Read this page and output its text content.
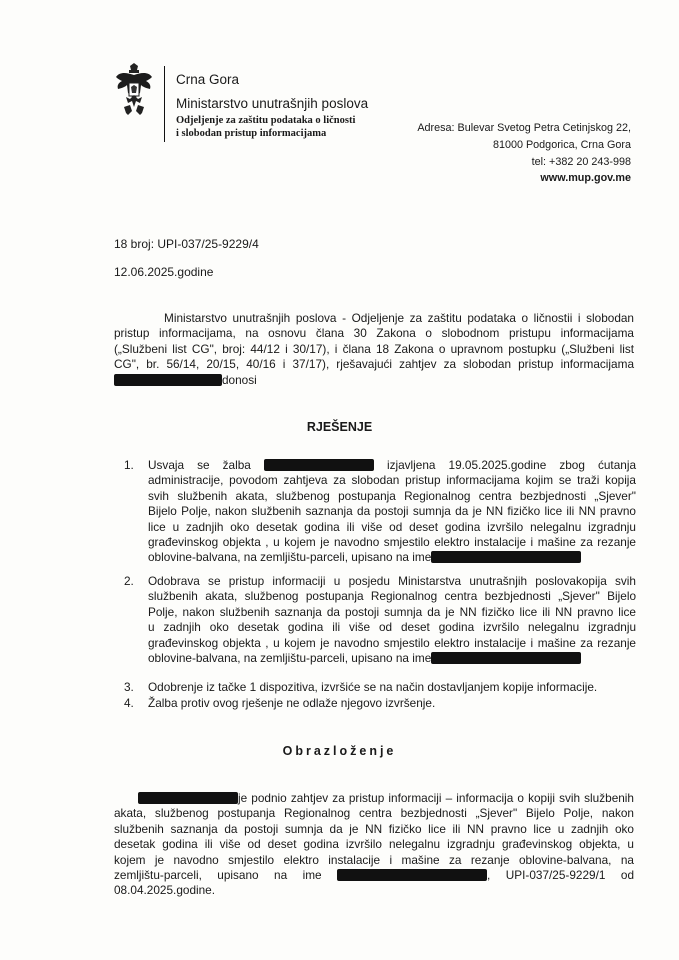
Crna Gora
Ministarstvo unutrašnjih poslova
Odjeljenje za zaštitu podataka o ličnosti
i slobodan pristup informacijama	Adresa: Bulevar Svetog Petra Cetinjskog 22,
81000 Podgorica, Crna Gora
tel: +382 20 243-998
www.mup.gov.me
18 broj: UPI-037/25-9229/4
12.06.2025.godine
Ministarstvo unutrašnjih poslova - Odjeljenje za zaštitu podataka o ličnostii i slobodan
pristup informacijama, na osnovu člana 30 Zakona o slobodnom pristupu informacijama
(„Službeni list CG", broj: 44/12 i 30/17), i člana 18 Zakona o upravnom postupku („Službeni list
CG", br. 56/14, 20/15, 40/16 i 37/17), rješavajući zahtjev za slobodan pristup informacijama
donosi
RJEŠENJE
1. Usvaja se žalba	izjavljena 19.05.2025.godine zbog ćutanja
administracije, povodom zahtjeva za slobodan pristup informacijama kojim se traži kopija
svih službenih akata, službenog postupanja Regionalnog centra bezbjednosti „Sjever"
Bijelo Polje, nakon službenih saznanja da postoji sumnja da je NN fizičko lice ili NN pravno
lice u zadnjih oko desetak godina ili više od deset godina izvršilo nelegalnu izgradnju
građevinskog objekta , u kojem je navodno smjestilo elektro instalacije i mašine za rezanje
oblovine-balvana, na zemljištu-parceli, upisano na ime
2. Odobrava se pristup informaciji u posjedu Ministarstva unutrašnjih poslovakopija svih
službenih akata, službenog postupanja Regionalnog centra bezbjednosti „Sjever" Bijelo
Polje, nakon službenih saznanja da postoji sumnja da je NN fizičko lice ili NN pravno lice
u zadnjih oko desetak godina ili više od deset godina izvršilo nelegalnu izgradnju
građevinskog objekta , u kojem je navodno smjestilo elektro instalacije i mašine za rezanje
oblovine-balvana, na zemljištu-parceli, upisano na ime
3. Odobrenje iz tačke 1 dispozitiva, izvršiće se na način dostavljanjem kopije informacije.
4. Žalba protiv ovog rješenje ne odlaže njegovo izvršenje.
Obrazloženje
je podnio zahtjev za pristup informaciji – informacija o kopiji svih službenih
akata, službenog postupanja Regionalnog centra bezbjednosti „Sjever" Bijelo Polje, nakon
službenih saznanja da postoji sumnja da je NN fizičko lice ili NN pravno lice u zadnjih oko
desetak godina ili više od deset godina izvršilo nelegalnu izgradnju građevinskog objekta, u
kojem je navodno smjestilo elektro instalacije i mašine za rezanje oblovine-balvana, na
zemljištu-parceli, upisano na ime	, UPI-037/25-9229/1 od
08.04.2025.godine.
